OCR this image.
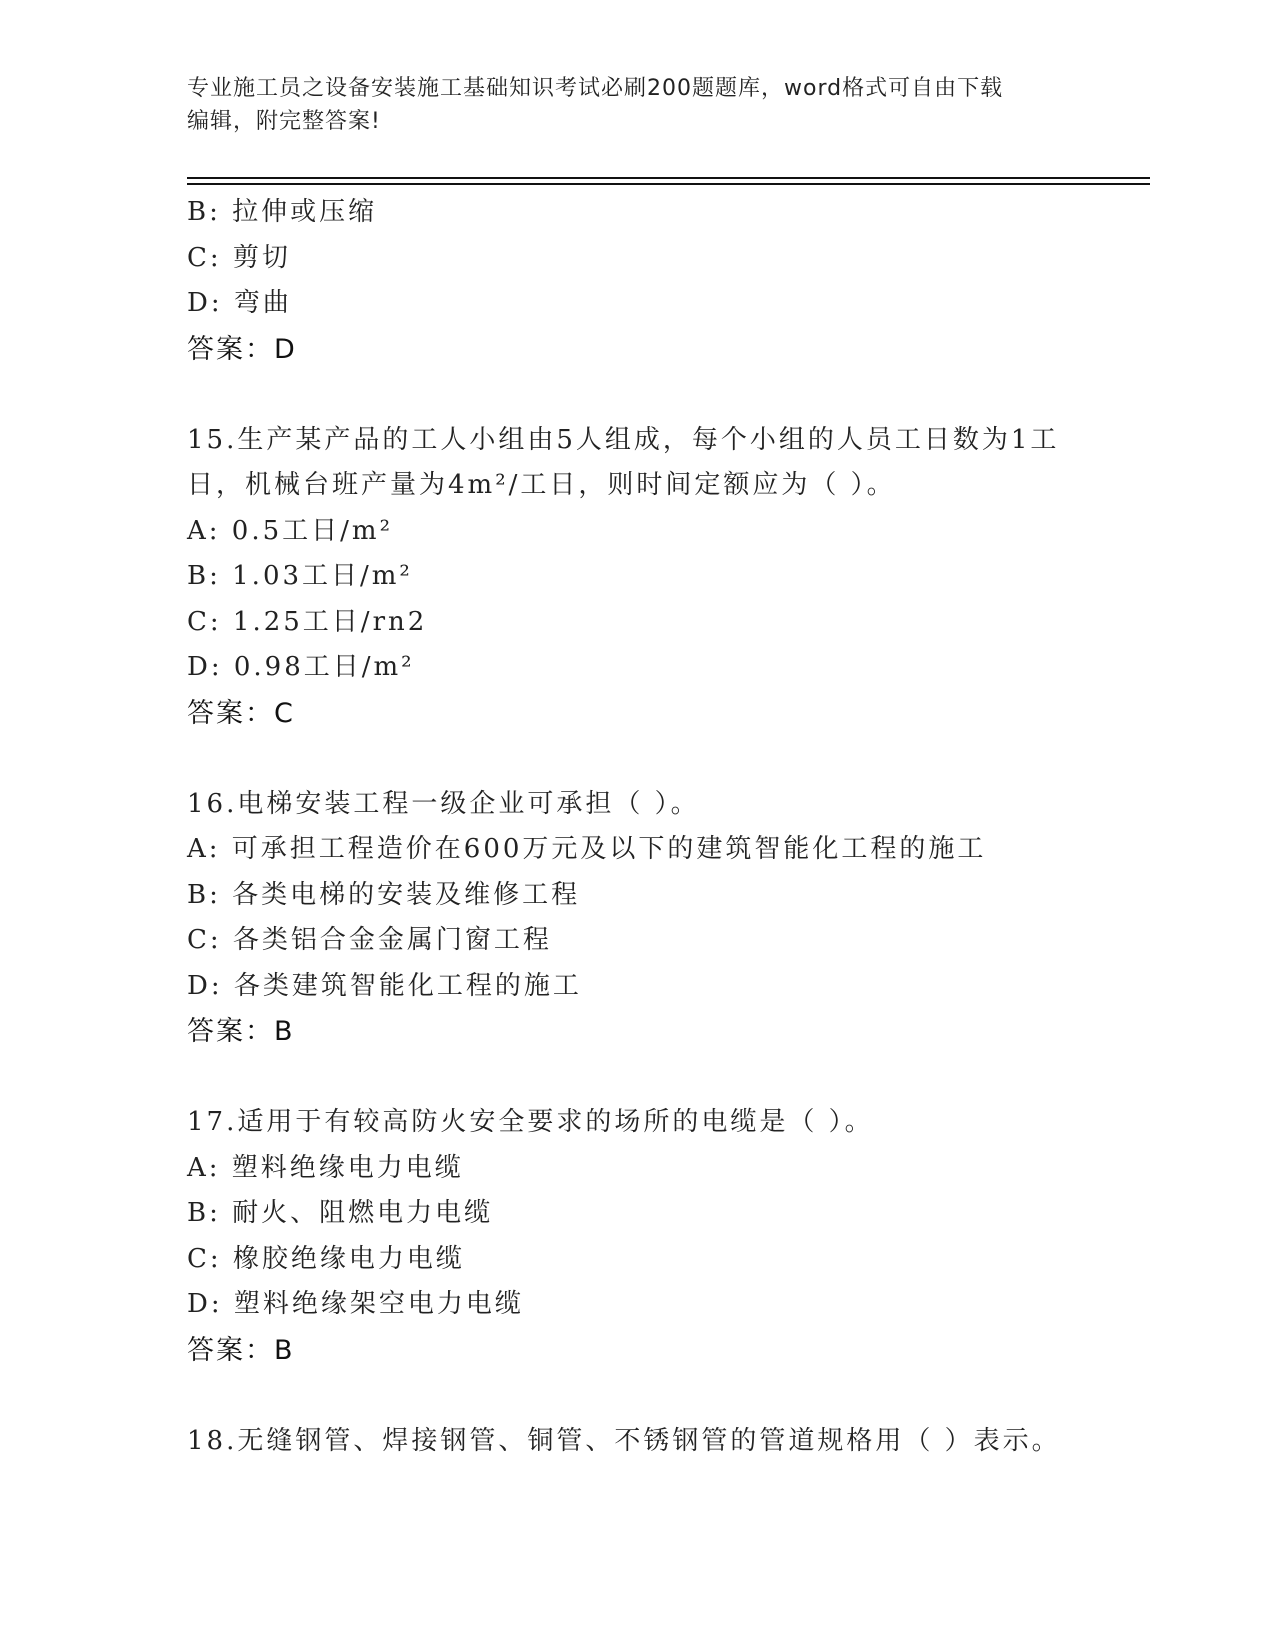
专业施工员之设备安装施工基础知识考试必刷200题题库，word格式可自由下载
编辑，附完整答案!
B: 拉伸或压缩
C: 剪切
D: 弯曲
答案：D
15.生产某产品的工人小组由5人组成，每个小组的人员工日数为1工
日，机械台班产量为4m²/工日，则时间定额应为（ ）。
A: 0.5工日/m²
B: 1.03工日/m²
C: 1.25工日/rn2
D: 0.98工日/m²
答案：C
16.电梯安装工程一级企业可承担（ ）。
A: 可承担工程造价在600万元及以下的建筑智能化工程的施工
B: 各类电梯的安装及维修工程
C: 各类铝合金金属门窗工程
D: 各类建筑智能化工程的施工
答案：B
17.适用于有较高防火安全要求的场所的电缆是（ ）。
A: 塑料绝缘电力电缆
B: 耐火、阻燃电力电缆
C: 橡胶绝缘电力电缆
D: 塑料绝缘架空电力电缆
答案：B
18.无缝钢管、焊接钢管、铜管、不锈钢管的管道规格用（ ）表示。
